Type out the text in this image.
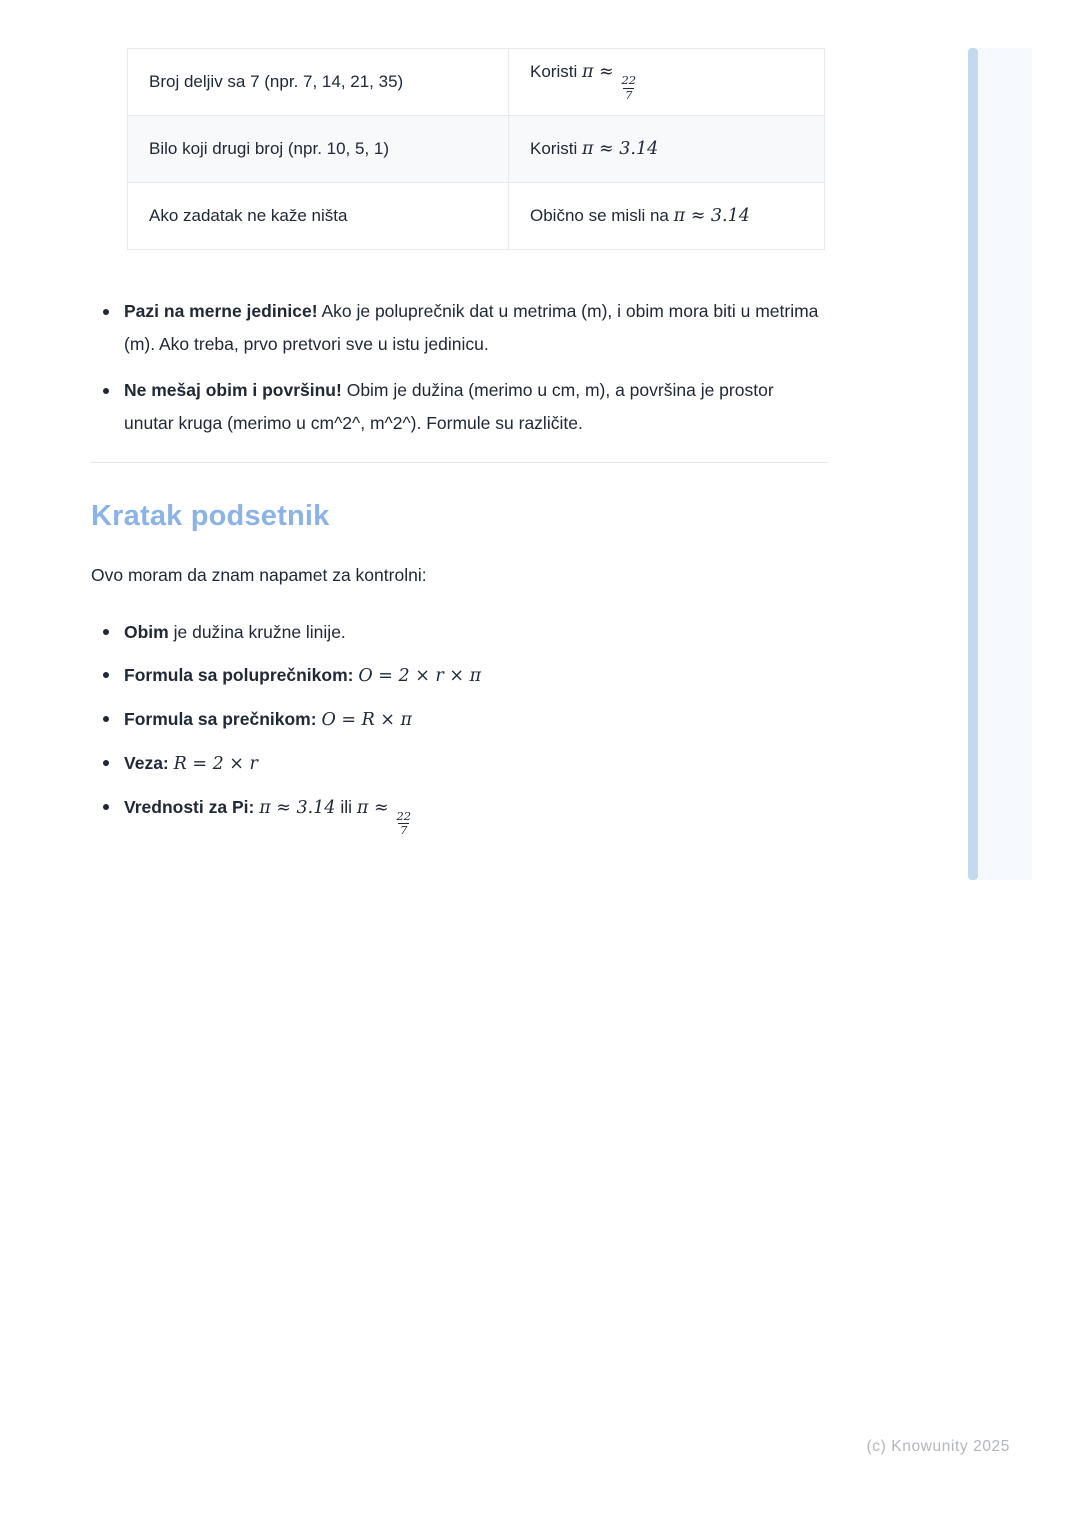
Broj deljiv sa 7 (npr. 7, 14, 21, 35)	Koristi π ≈
$\frac{22}{7}$

Bilo koji drugi broj (npr. 10, 5, 1)	Koristi π ≈ 3.14
Ako zadatak ne kaže ništa	Obično se misli na π ≈ 3.14
Pazi na merne jedinice! Ako je poluprečnik dat u metrima (m), i obim mora biti u metrima (m). Ako treba, prvo pretvori sve u istu jedinicu.
Ne mešaj obim i površinu! Obim je dužina (merimo u cm, m), a površina je prostor unutar kruga (merimo u cm^2^, m^2^). Formule su različite.
Kratak podsetnik

Ovo moram da znam napamet za kontrolni:

Obim je dužina kružne linije.
Formula sa poluprečnikom: O = 2 × r × π
Formula sa prečnikom: O = R × π
Veza: R = 2 × r
Vrednosti za Pi: π ≈ 3.14 ili π ≈
$\frac{22}{7}$
(c) Knowunity 2025
